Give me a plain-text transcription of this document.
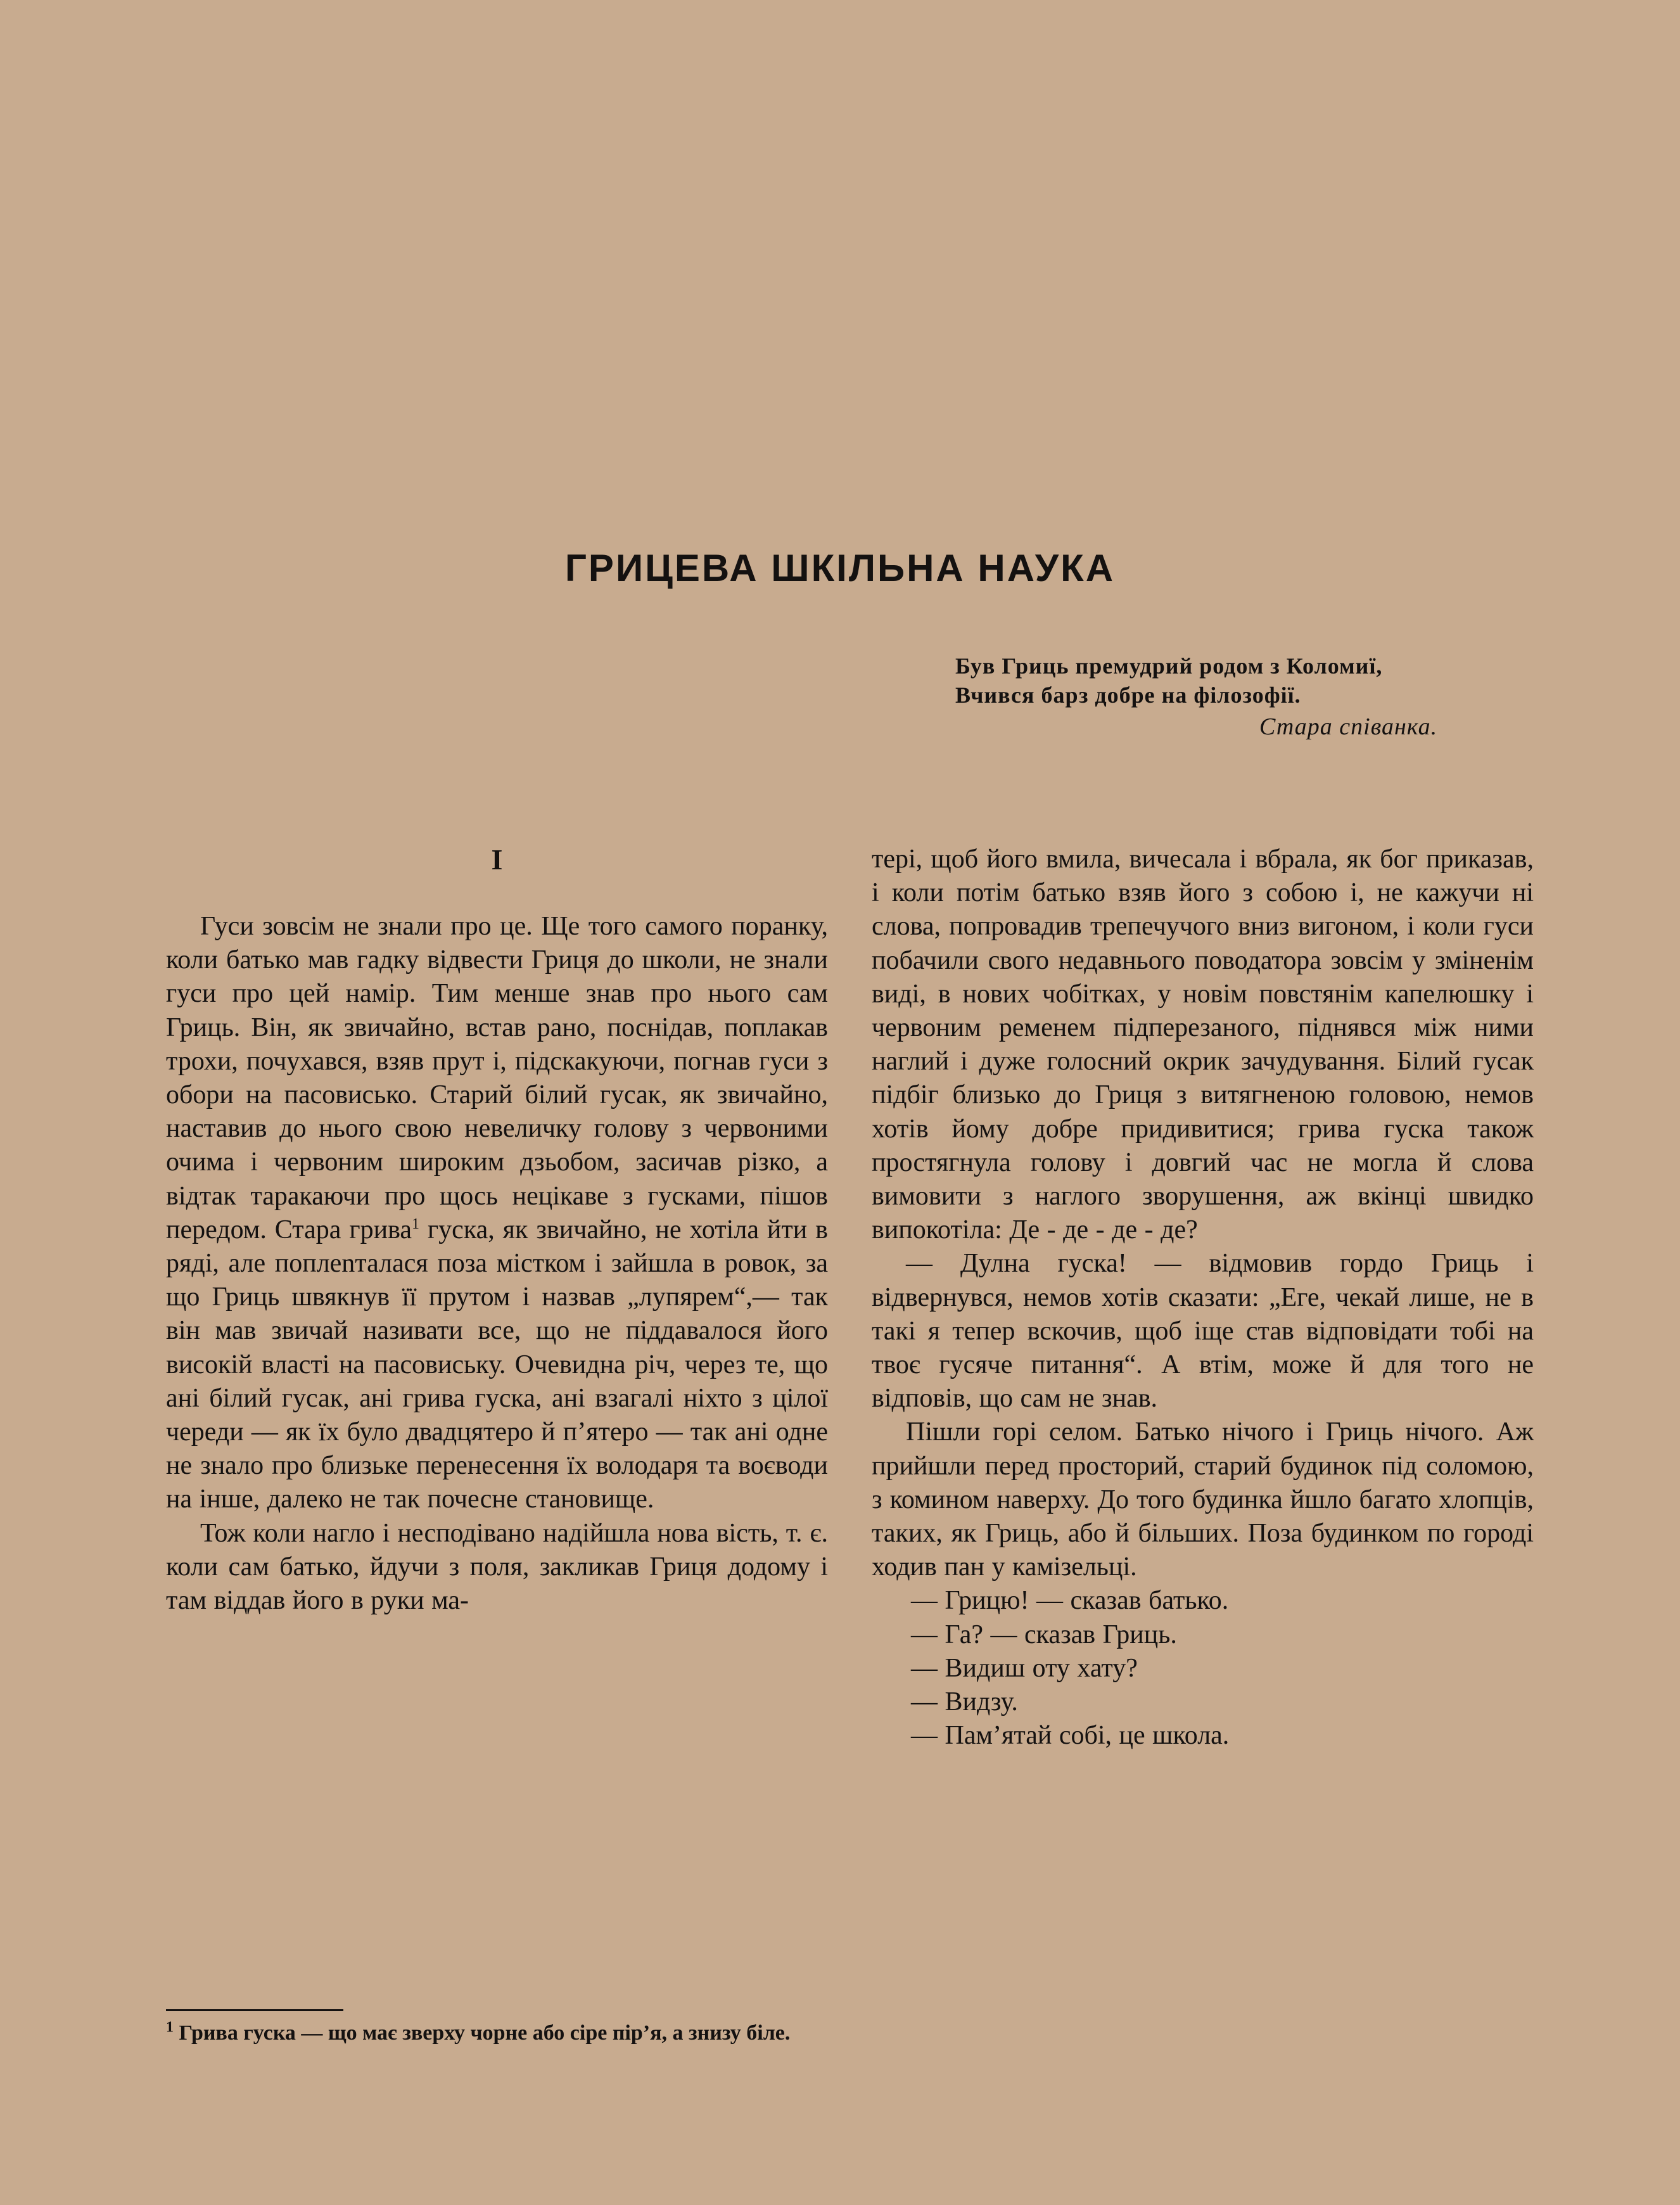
ГРИЦЕВА ШКІЛЬНА НАУКА
Був Гриць премудрий родом з Коломиї,
Вчився барз добре на філозофії.
Стара співанка.
I

Гуси зовсім не знали про це. Ще того самого поранку, коли батько мав гадку відвести Гриця до школи, не знали гуси про цей намір. Тим менше знав про нього сам Гриць. Він, як звичайно, встав рано, поснідав, поплакав трохи, почухався, взяв прут і, підскакуючи, погнав гуси з обори на пасовисько. Старий білий гусак, як звичайно, наставив до нього свою невеличку голову з червоними очима і червоним широким дзьобом, засичав різко, а відтак таракаючи про щось нецікаве з гусками, пішов передом. Стара грива$^1$ гуска, як звичайно, не хотіла йти в ряді, але поплenталася поза містком і зайшла в ровок, за що Гриць швякнув її прутом і назвав „лупярем“,— так він мав звичай називати все, що не піддавалося його високій власті на пасовиську. Очевидна річ, через те, що ані білий гусак, ані грива гуска, ані взагалі ніхто з цілої череди — як їх було двадцятеро й п’ятеро — так ані одне не знало про близьке перенесення їх володаря та воєводи на інше, далеко не так почесне становище.

Тож коли нагло і несподівано надійшла нова вість, т. є. коли сам батько, йдучи з поля, закликав Гриця додому і там віддав його в руки ма-

тері, щоб його вмила, вичесала і вбрала, як бог приказав, і коли потім батько взяв його з собою і, не кажучи ні слова, попровадив трепечучого вниз вигоном, і коли гуси побачили свого недавнього поводатора зовсім у зміненім виді, в нових чобітках, у новім повстянім капелюшку і червоним ременем підперезаного, піднявся між ними наглий і дуже голосний окрик зачудування. Білий гусак підбіг близько до Гриця з витягненою головою, немов хотів йому добре придивитися; грива гуска також простягнула голову і довгий час не могла й слова вимовити з наглого зворушення, аж вкінці швидко випокотіла: Де - де - де - де?

— Дулна гуска! — відмовив гордо Гриць і відвернувся, немов хотів сказати: „Еге, чекай лише, не в такі я тепер вскочив, щоб іще став відповідати тобі на твоє гусяче питання“. А втім, може й для того не відповів, що сам не знав.

Пішли горі селом. Батько нічого і Гриць нічого. Аж прийшли перед просторий, старий будинок під соломою, з комином наверху. До того будинка йшло багато хлопців, таких, як Гриць, або й більших. Поза будинком по городі ходив пан у камізельці.

— Грицю! — сказав батько.

— Га? — сказав Гриць.

— Видиш оту хату?

— Видзу.

— Пам’ятай собі, це школа.

$^1$ Грива гуска — що має зверху чорне або сіре пір’я, а знизу біле.
